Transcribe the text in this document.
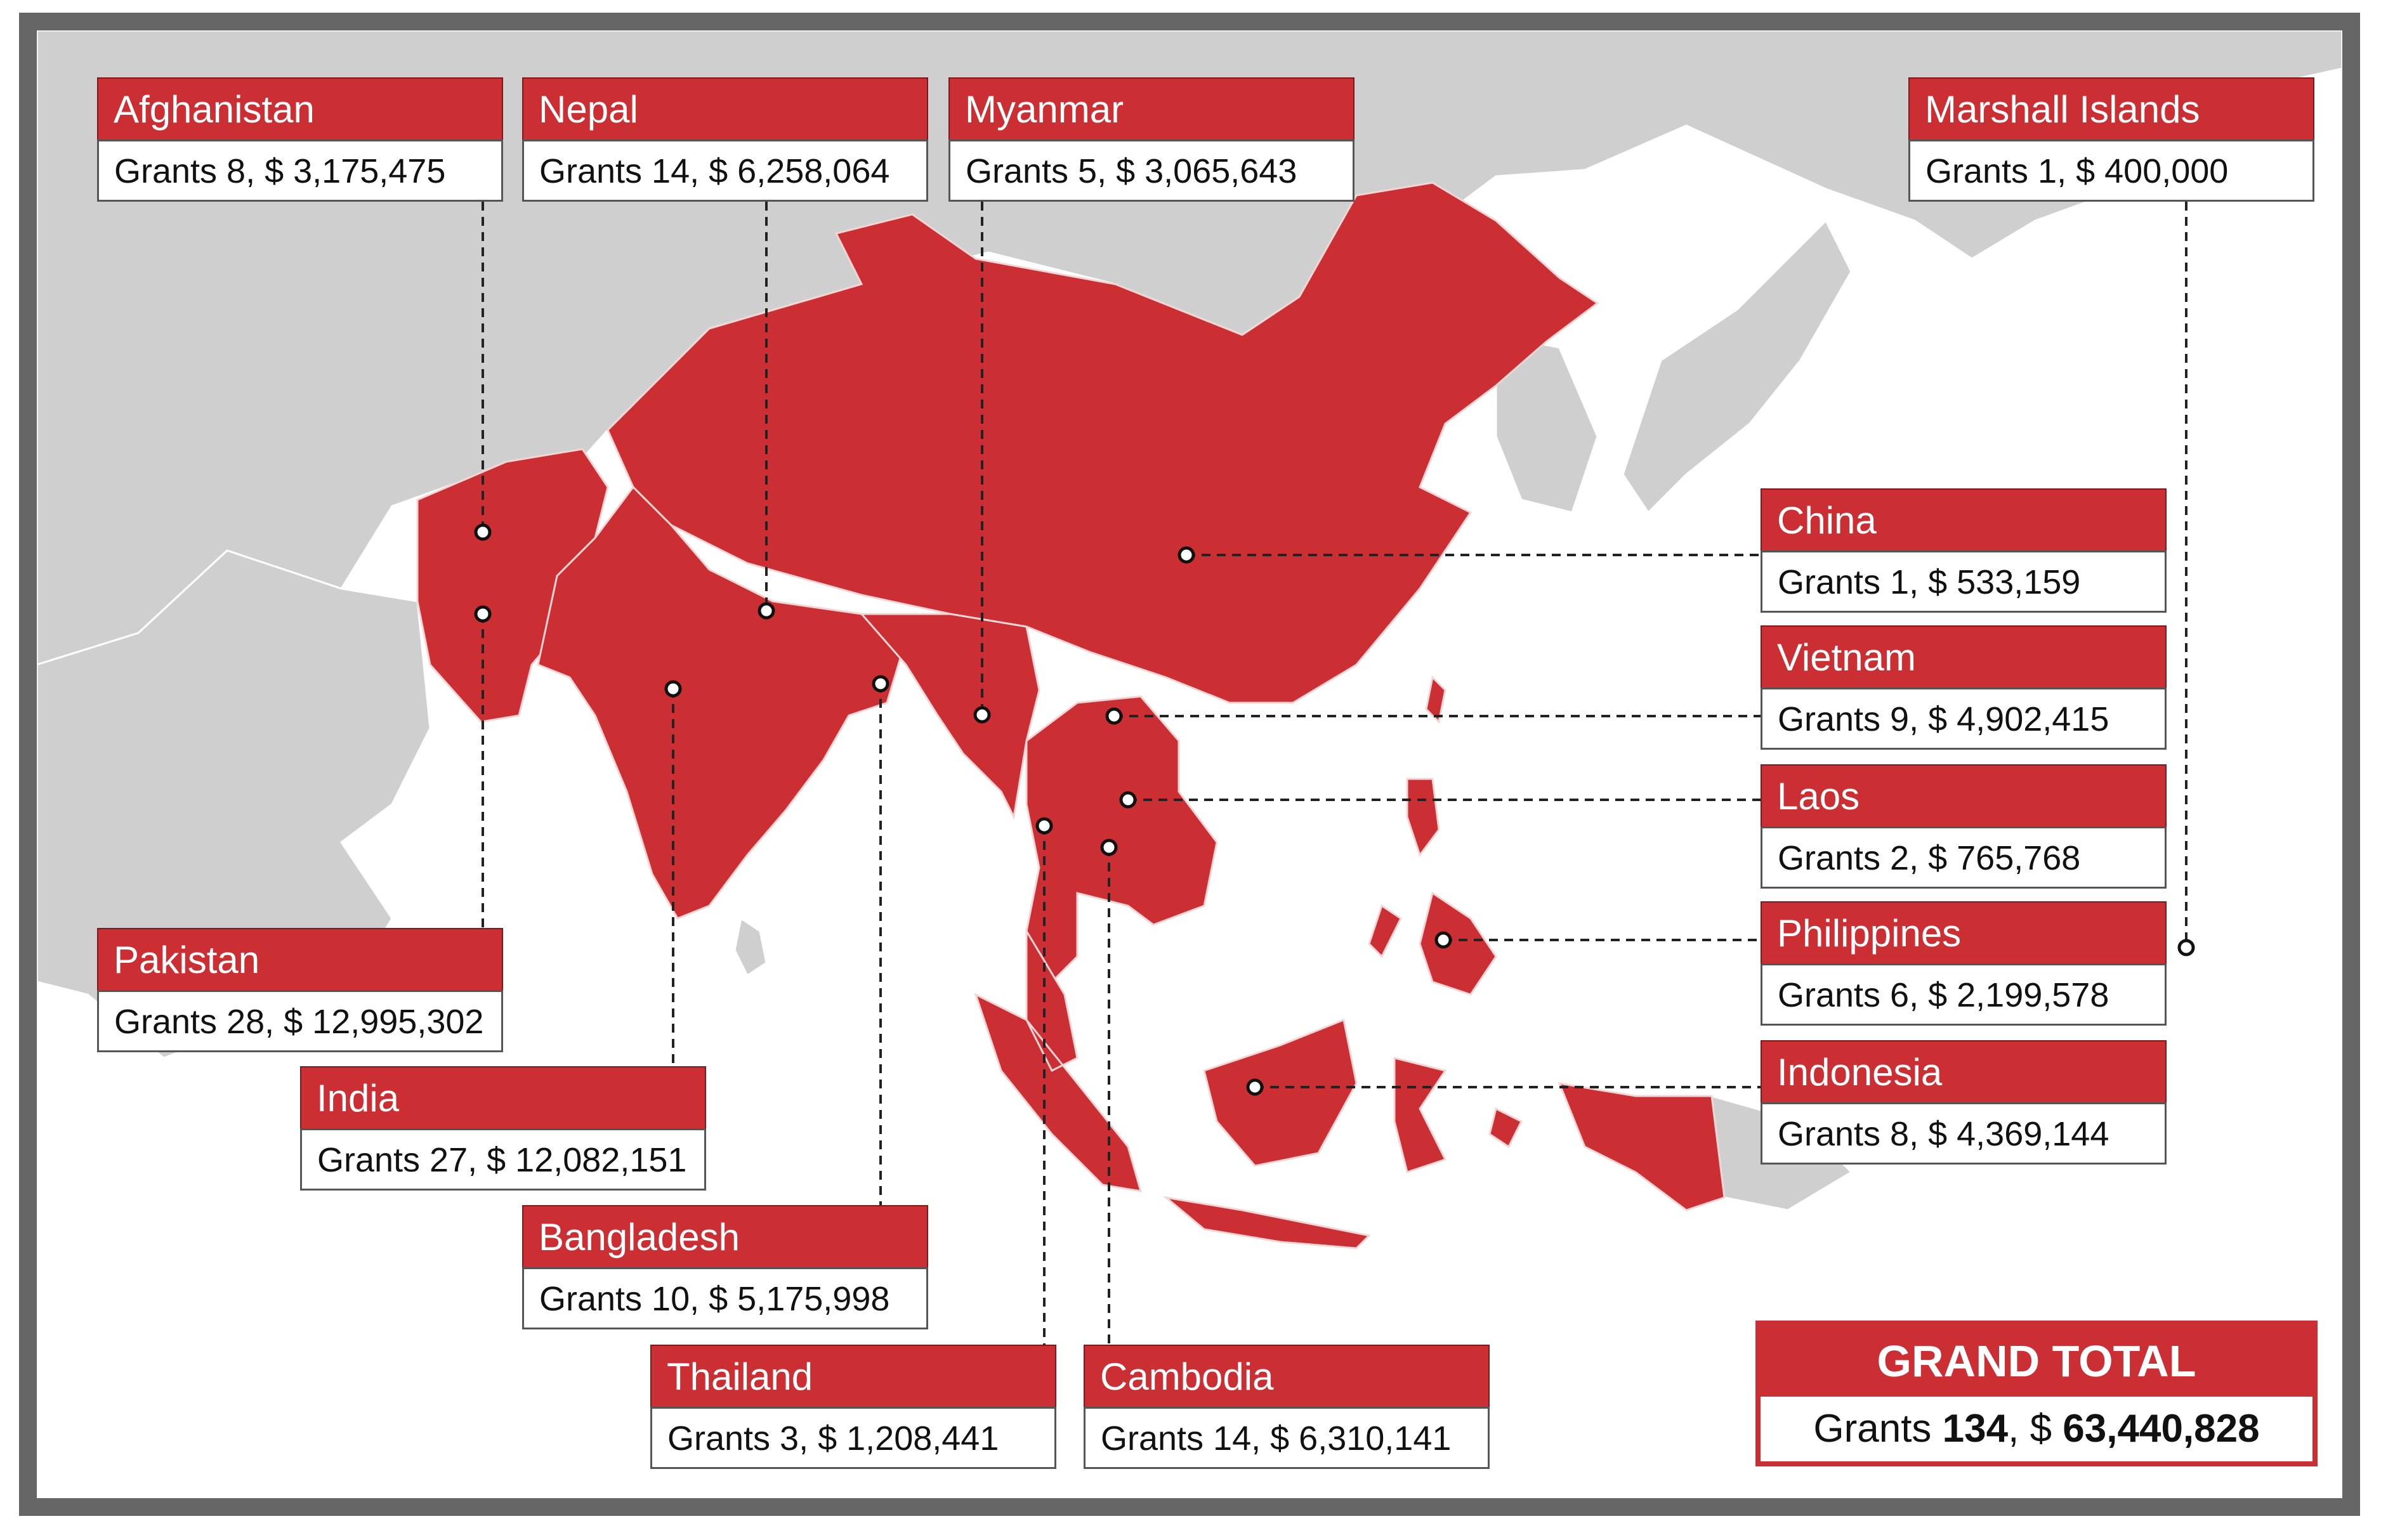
Afghanistan
Grants 8, $ 3,175,475
Nepal
Grants 14, $ 6,258,064
Myanmar
Grants 5, $ 3,065,643
Marshall Islands
Grants 1, $ 400,000
China
Grants 1, $ 533,159
Vietnam
Grants 9, $ 4,902,415
Laos
Grants 2, $ 765,768
Philippines
Grants 6, $ 2,199,578
Indonesia
Grants 8, $ 4,369,144
Pakistan
Grants 28, $ 12,995,302
India
Grants 27, $ 12,082,151
Bangladesh
Grants 10, $ 5,175,998
Thailand
Grants 3, $ 1,208,441
Cambodia
Grants 14, $ 6,310,141
GRAND TOTAL
Grants 134, $ 63,440,828
